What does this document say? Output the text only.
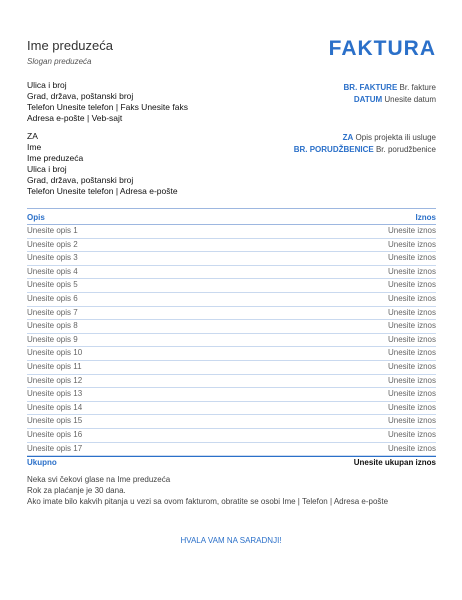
Ime preduzeća
Slogan preduzeća
FAKTURA
Ulica i broj
Grad, država, poštanski broj
Telefon Unesite telefon | Faks Unesite faks
Adresa e-pošte | Veb-sajt
BR. FAKTURE Br. fakture
DATUM Unesite datum
ZA
Ime
Ime preduzeća
Ulica i broj
Grad, država, poštanski broj
Telefon Unesite telefon | Adresa e-pošte
ZA Opis projekta ili usluge
BR. PORUDŽBENICE Br. porudžbenice
Opis	Iznos
Unesite opis 1	Unesite iznos
Unesite opis 2	Unesite iznos
Unesite opis 3	Unesite iznos
Unesite opis 4	Unesite iznos
Unesite opis 5	Unesite iznos
Unesite opis 6	Unesite iznos
Unesite opis 7	Unesite iznos
Unesite opis 8	Unesite iznos
Unesite opis 9	Unesite iznos
Unesite opis 10	Unesite iznos
Unesite opis 11	Unesite iznos
Unesite opis 12	Unesite iznos
Unesite opis 13	Unesite iznos
Unesite opis 14	Unesite iznos
Unesite opis 15	Unesite iznos
Unesite opis 16	Unesite iznos
Unesite opis 17	Unesite iznos
Ukupno	Unesite ukupan iznos
Neka svi čekovi glase na Ime preduzeća
Rok za plaćanje je 30 dana.
Ako imate bilo kakvih pitanja u vezi sa ovom fakturom, obratite se osobi Ime | Telefon | Adresa e-pošte
HVALA VAM NA SARADNJI!
